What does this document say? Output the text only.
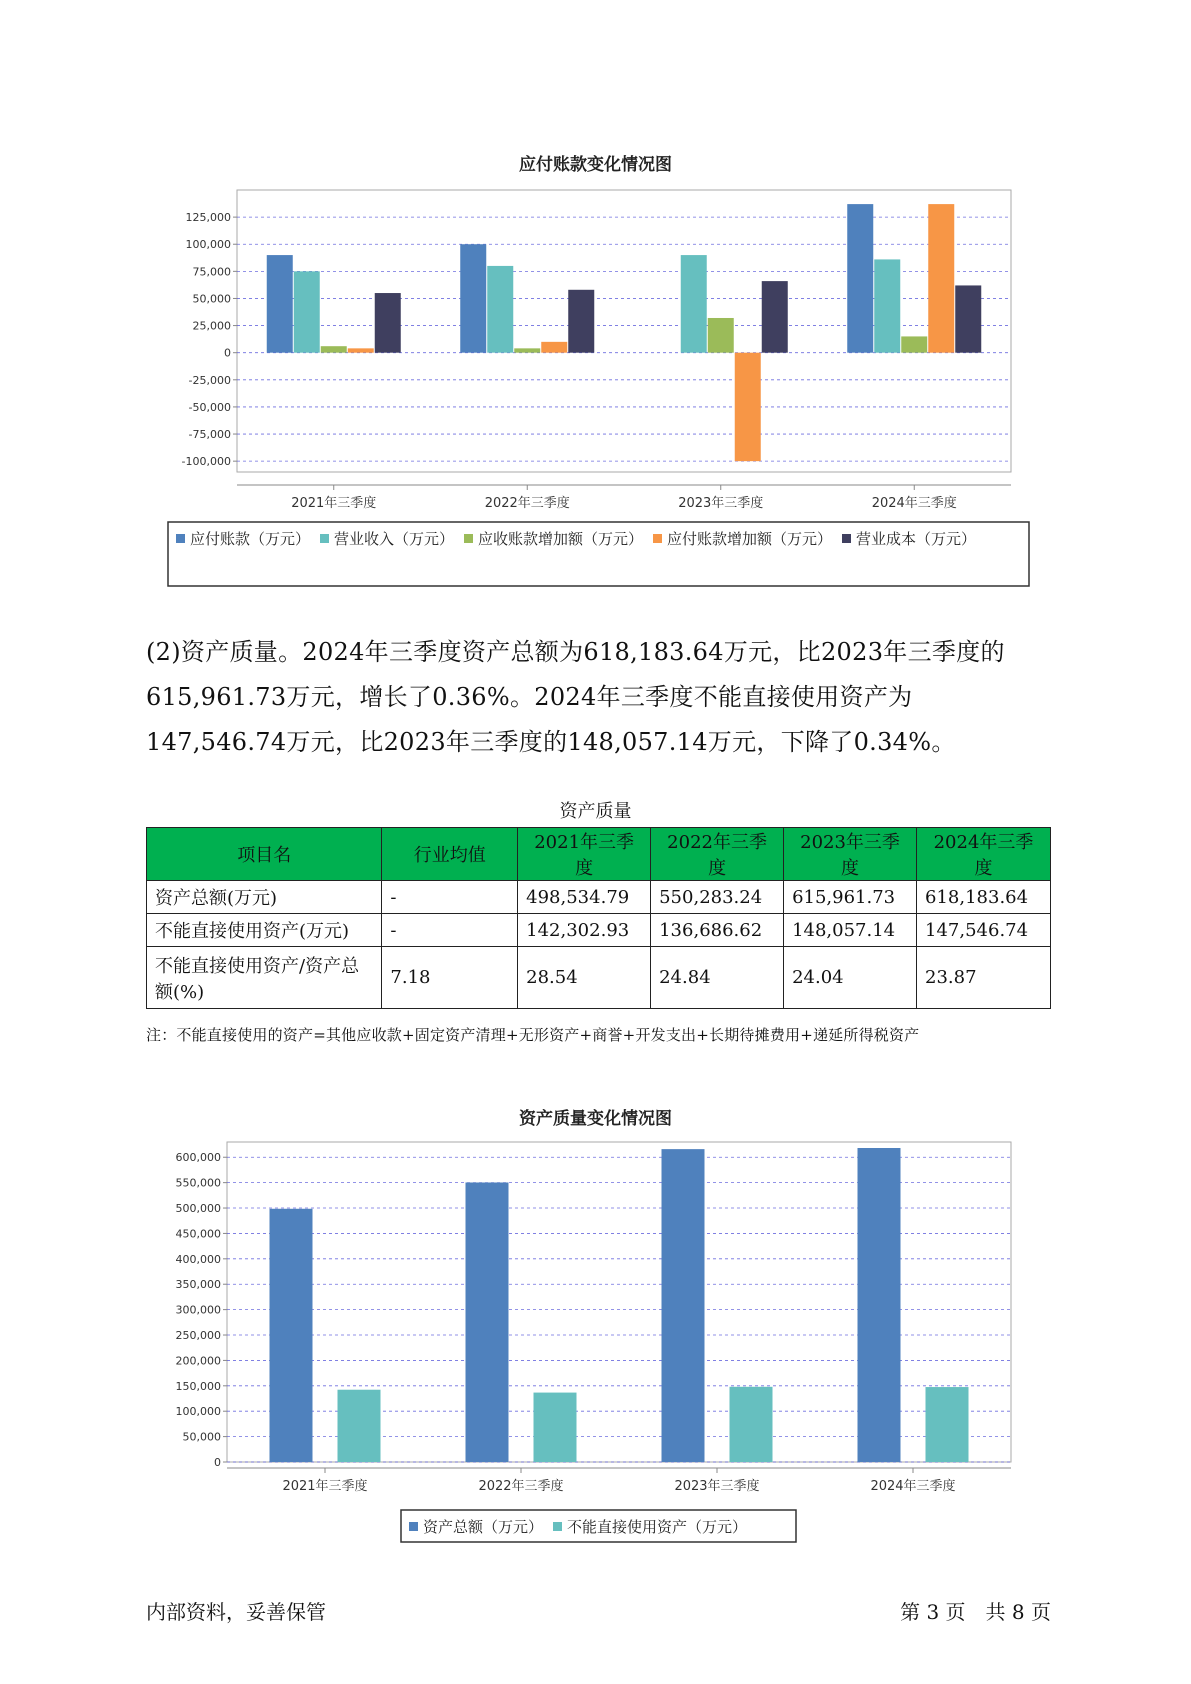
应付账款变化情况图
-100,000
-75,000
-50,000
-25,000
0
25,000
50,000
75,000
100,000
125,000
2021年三季度	2022年三季度	2023年三季度	2024年三季度
应付账款（万元） 营业收入（万元） 应收账款增加额（万元） 应付账款增加额（万元） 营业成本（万元）
(2)资产质量。2024年三季度资产总额为618,183.64万元，比2023年三季度的615,961.73万元，增长了0.36%。2024年三季度不能直接使用资产为147,546.74万元，比2023年三季度的148,057.14万元，下降了0.34%。
资产质量
项目名	行业均值	2021年三季度	2022年三季度	2023年三季度	2024年三季度
资产总额(万元)	-	498,534.79	550,283.24	615,961.73	618,183.64
不能直接使用资产(万元)	-	142,302.93	136,686.62	148,057.14	147,546.74
不能直接使用资产/资产总额(%)	7.18	28.54	24.84	24.04	23.87
注：不能直接使用的资产=其他应收款+固定资产清理+无形资产+商誉+开发支出+长期待摊费用+递延所得税资产
资产质量变化情况图
0
50,000
100,000
150,000
200,000
250,000
300,000
350,000
400,000
450,000
500,000
550,000
600,000
2021年三季度	2022年三季度	2023年三季度	2024年三季度
资产总额（万元） 不能直接使用资产（万元）
内部资料，妥善保管	第 3 页　共 8 页
